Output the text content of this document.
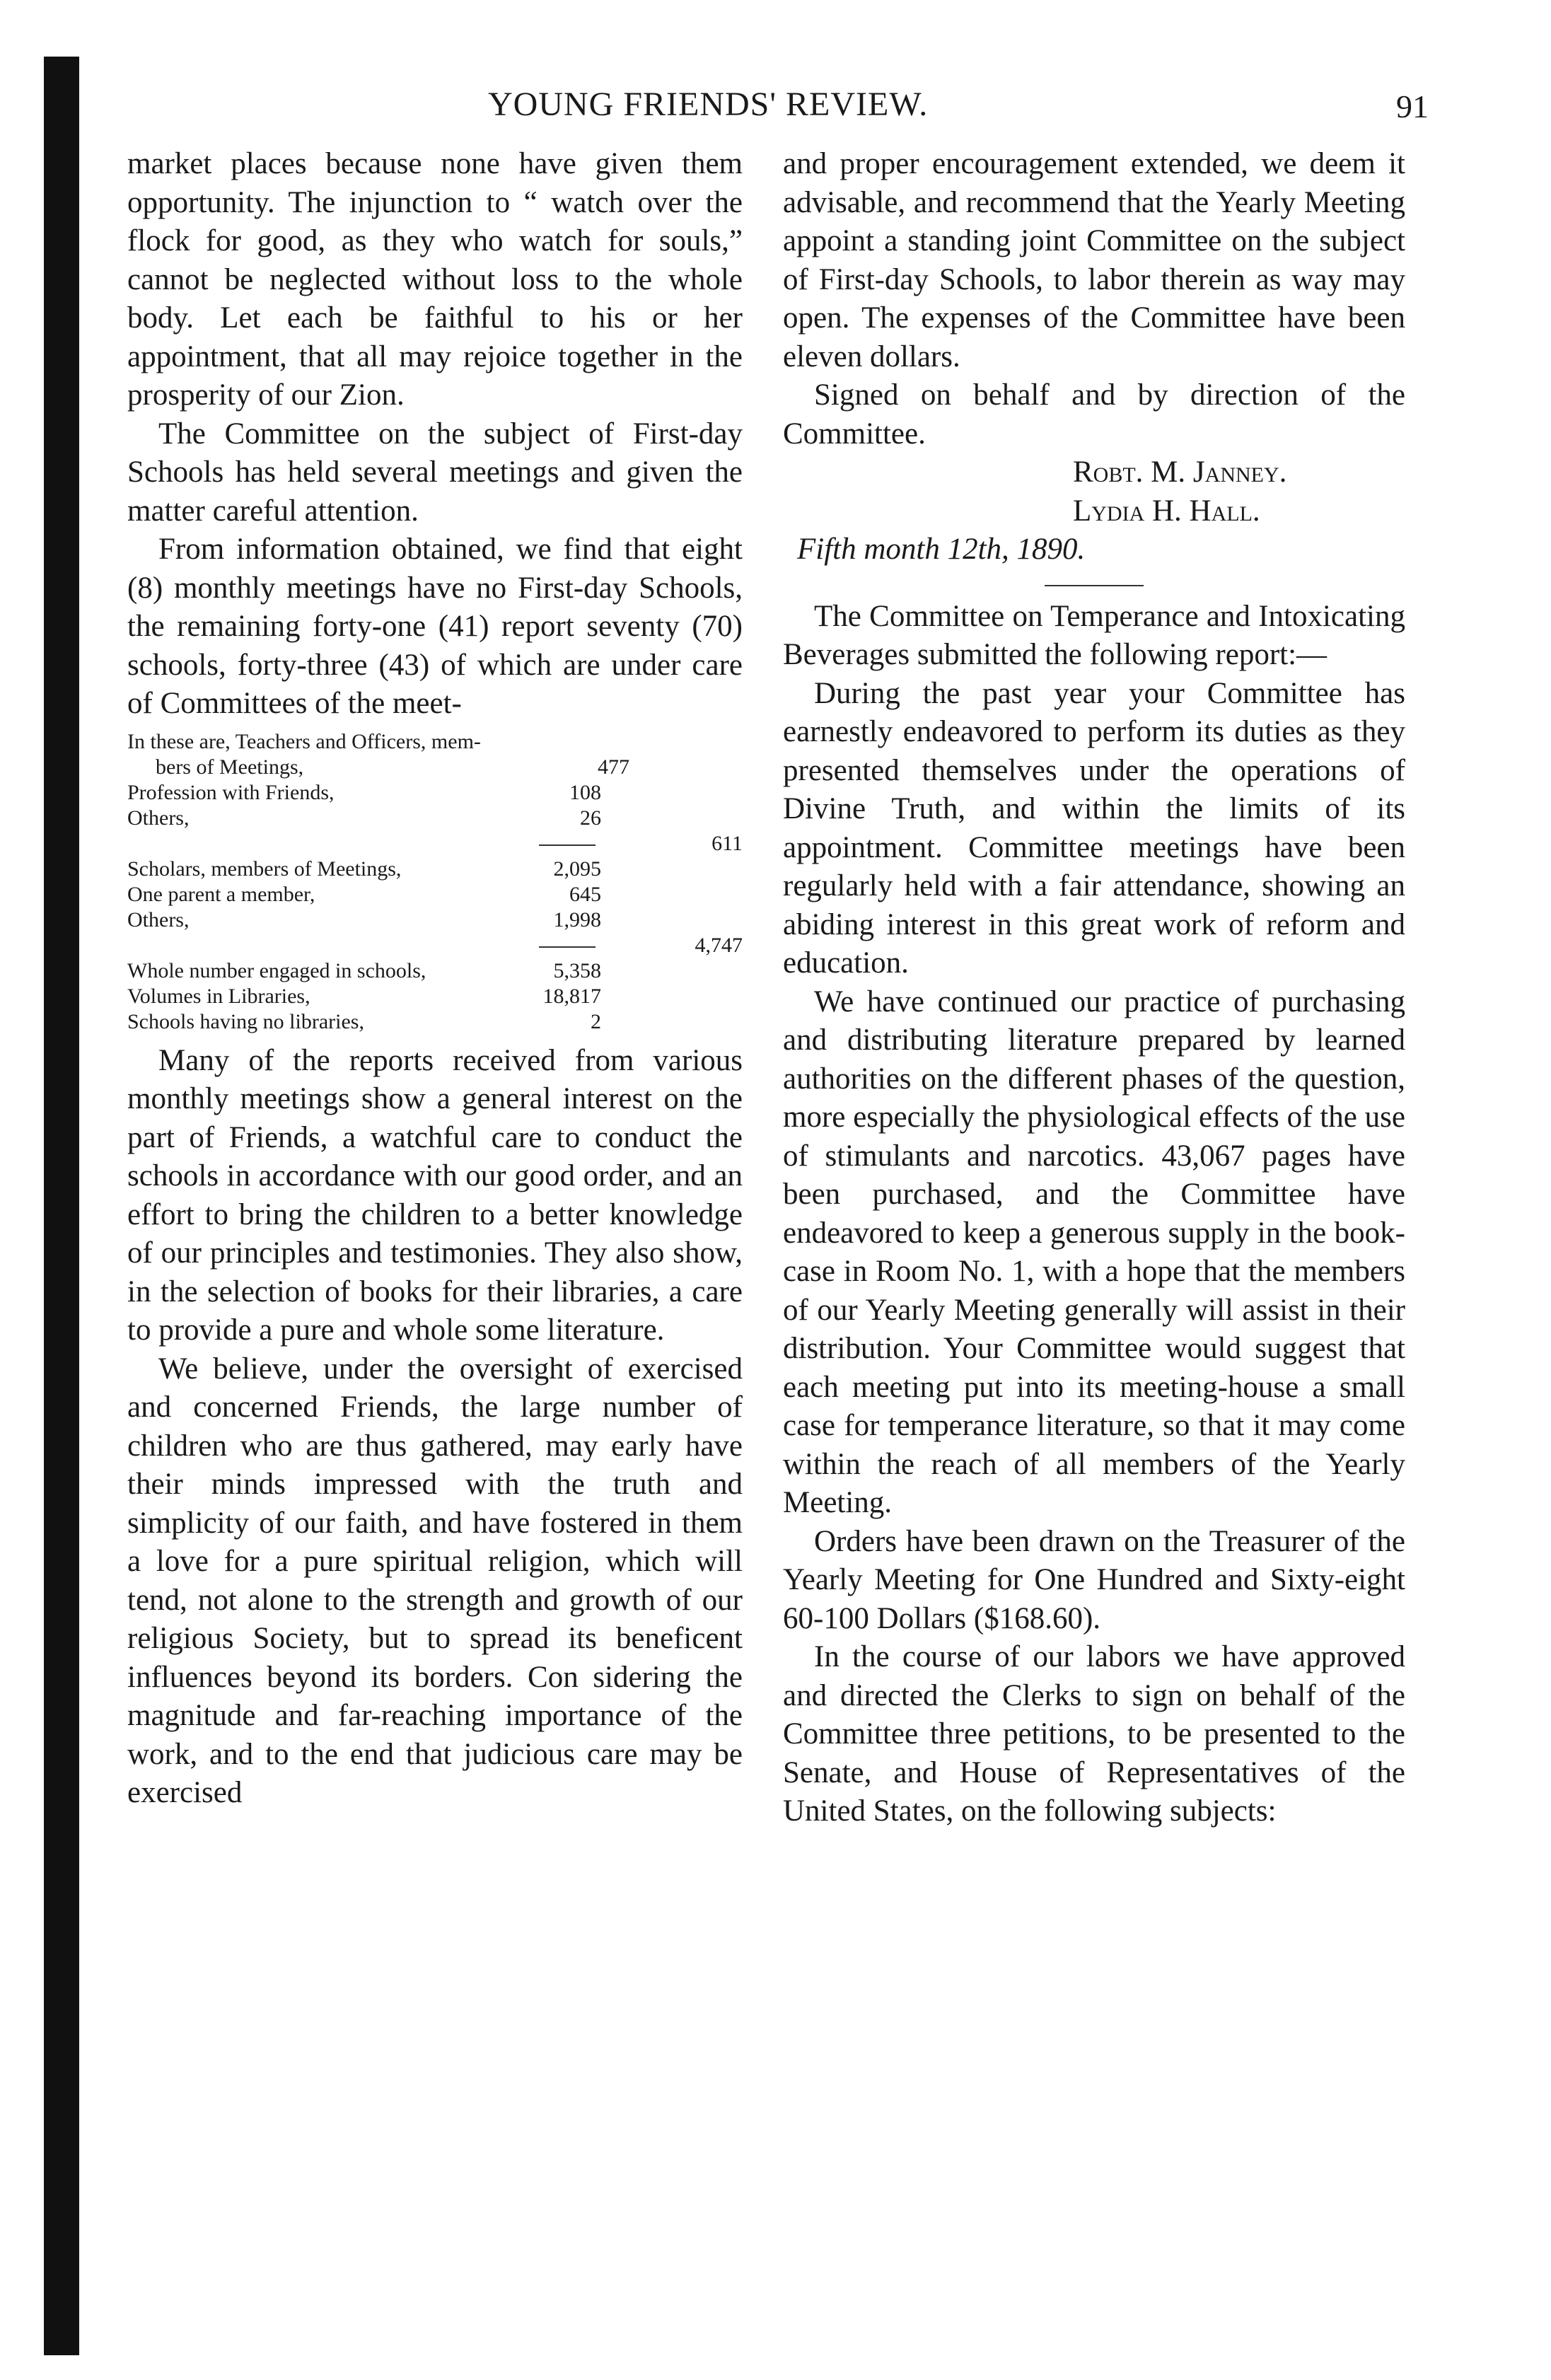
YOUNG FRIENDS' REVIEW.	91

market places because none have given them opportunity. The injunction to “ watch over the flock for good, as they who watch for souls,” cannot be neglected without loss to the whole body. Let each be faithful to his or her appointment, that all may rejoice together in the prosperity of our Zion.

The Committee on the subject of First-day Schools has held several meetings and given the matter careful attention.

From information obtained, we find that eight (8) monthly meetings have no First-day Schools, the remaining forty-one (41) report seventy (70) schools, forty-three (43) of which are under care of Committees of the meet-

In these are, Teachers and Officers, mem-
bers of Meetings,	477
Profession with Friends,	108
Others,	26
611
Scholars, members of Meetings,	2,095
One parent a member,	645
Others,	1,998
4,747
Whole number engaged in schools,	5,358
Volumes in Libraries,	18,817
Schools having no libraries,	2

Many of the reports received from various monthly meetings show a general interest on the part of Friends, a watchful care to conduct the schools in accordance with our good order, and an effort to bring the children to a better knowledge of our principles and testimonies. They also show, in the selection of books for their libraries, a care to provide a pure and whole some literature.

We believe, under the oversight of exercised and concerned Friends, the large number of children who are thus gathered, may early have their minds impressed with the truth and simplicity of our faith, and have fostered in them a love for a pure spiritual religion, which will tend, not alone to the strength and growth of our religious Society, but to spread its beneficent influences beyond its borders. Con sidering the magnitude and far-reaching importance of the work, and to the end that judicious care may be exercised

and proper encouragement extended, we deem it advisable, and recommend that the Yearly Meeting appoint a standing joint Committee on the subject of First-day Schools, to labor therein as way may open. The expenses of the Committee have been eleven dollars.

Signed on behalf and by direction of the Committee.

Robt. M. Janney.

Lydia H. Hall.

Fifth month 12th, 1890.

The Committee on Temperance and Intoxicating Beverages submitted the following report:—

During the past year your Committee has earnestly endeavored to perform its duties as they presented themselves under the operations of Divine Truth, and within the limits of its appointment. Committee meetings have been regularly held with a fair attendance, showing an abiding interest in this great work of reform and education.

We have continued our practice of purchasing and distributing literature prepared by learned authorities on the different phases of the question, more especially the physiological effects of the use of stimulants and narcotics. 43,067 pages have been purchased, and the Committee have endeavored to keep a generous supply in the book-case in Room No. 1, with a hope that the members of our Yearly Meeting generally will assist in their distribution. Your Committee would suggest that each meeting put into its meeting-house a small case for temperance literature, so that it may come within the reach of all members of the Yearly Meeting.

Orders have been drawn on the Treasurer of the Yearly Meeting for One Hundred and Sixty-eight 60-100 Dollars ($168.60).

In the course of our labors we have approved and directed the Clerks to sign on behalf of the Committee three petitions, to be presented to the Senate, and House of Representatives of the United States, on the following subjects:
